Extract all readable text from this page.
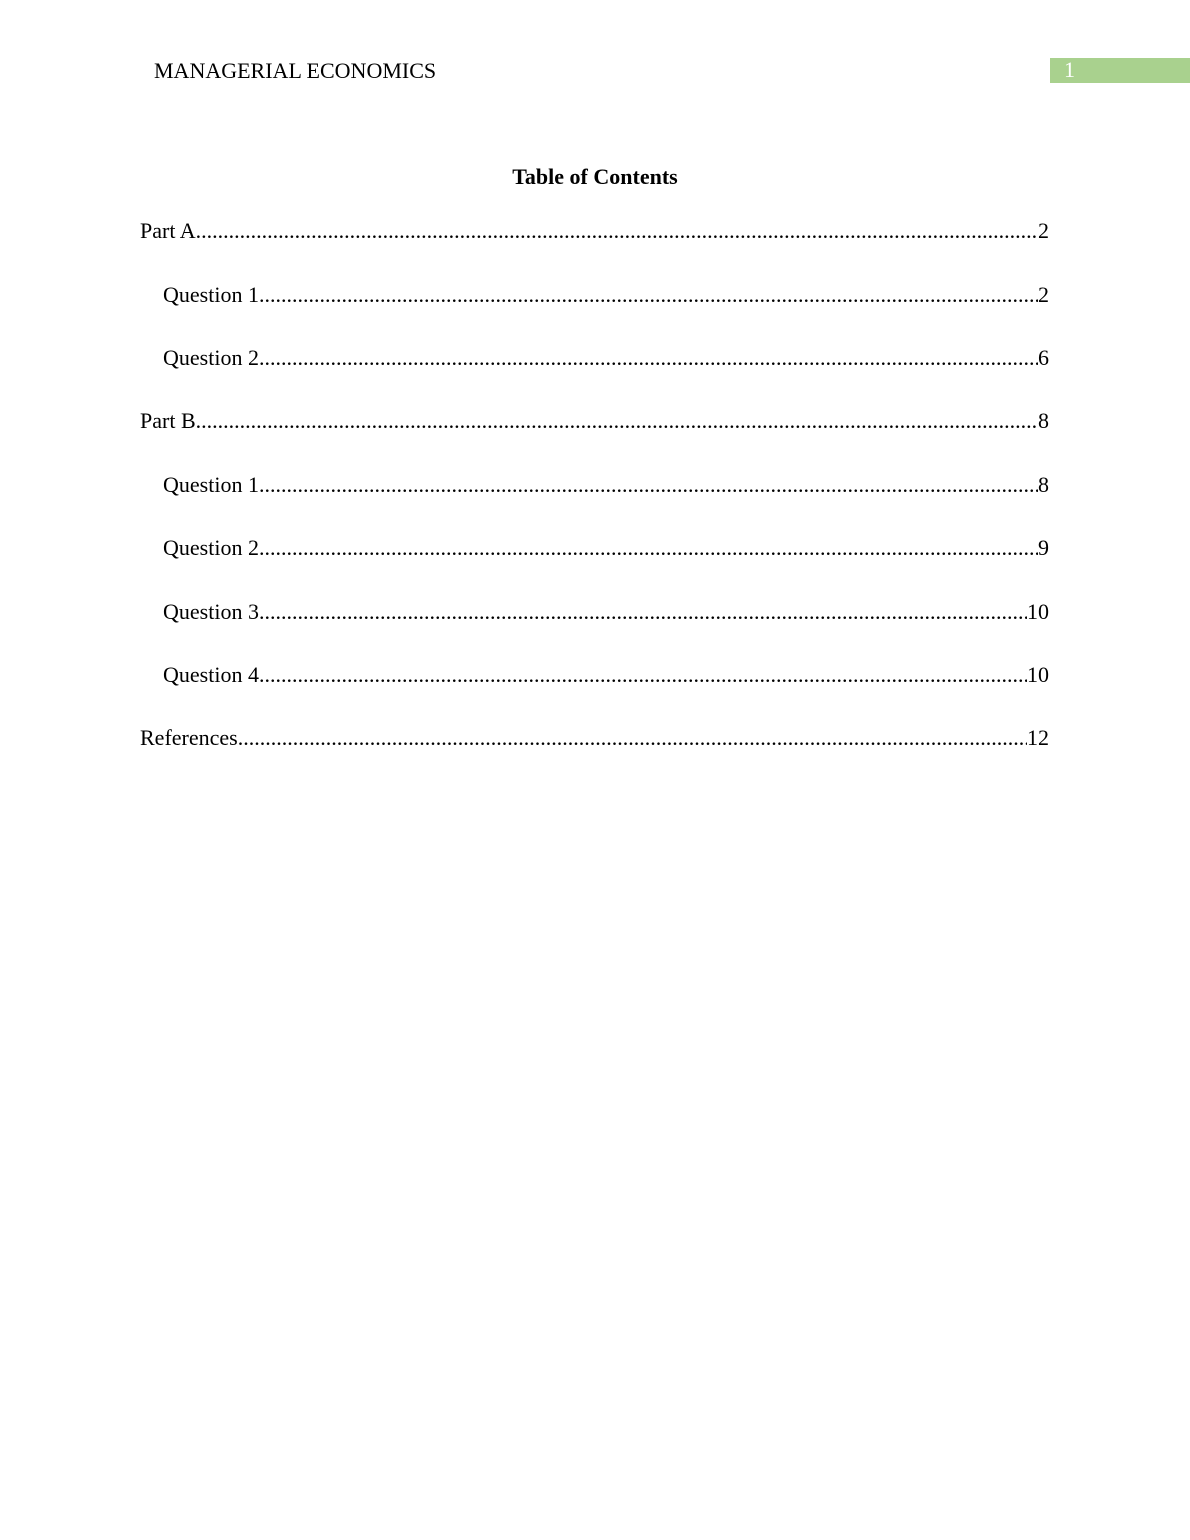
MANAGERIAL ECONOMICS	1
Table of Contents
Part A .....	2
Question 1 .....	2
Question 2 .....	6
Part B .....	8
Question 1 .....	8
Question 2 .....	9
Question 3 .....	10
Question 4 .....	10
References .....	12
